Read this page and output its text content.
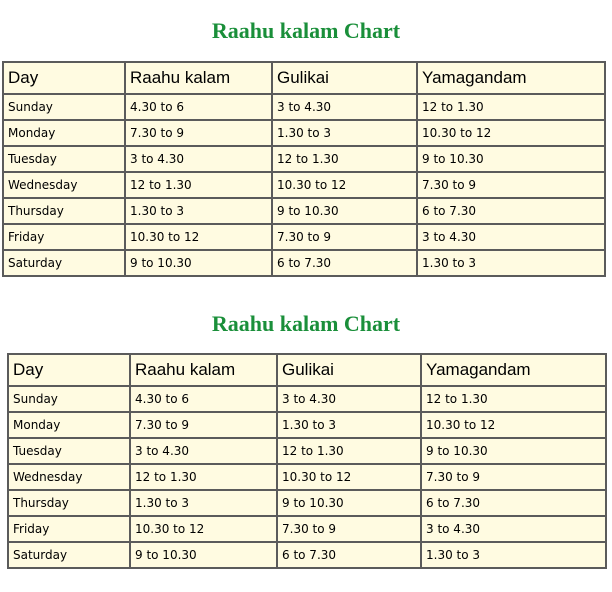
Raahu kalam Chart
Day	Raahu kalam	Gulikai	Yamagandam
Sunday	4.30 to 6	3 to 4.30	12 to 1.30
Monday	7.30 to 9	1.30 to 3	10.30 to 12
Tuesday	3 to 4.30	12 to 1.30	9 to 10.30
Wednesday	12 to 1.30	10.30 to 12	7.30 to 9
Thursday	1.30 to 3	9 to 10.30	6 to 7.30
Friday	10.30 to 12	7.30 to 9	3 to 4.30
Saturday	9 to 10.30	6 to 7.30	1.30 to 3
Raahu kalam Chart
Day	Raahu kalam	Gulikai	Yamagandam
Sunday	4.30 to 6	3 to 4.30	12 to 1.30
Monday	7.30 to 9	1.30 to 3	10.30 to 12
Tuesday	3 to 4.30	12 to 1.30	9 to 10.30
Wednesday	12 to 1.30	10.30 to 12	7.30 to 9
Thursday	1.30 to 3	9 to 10.30	6 to 7.30
Friday	10.30 to 12	7.30 to 9	3 to 4.30
Saturday	9 to 10.30	6 to 7.30	1.30 to 3
